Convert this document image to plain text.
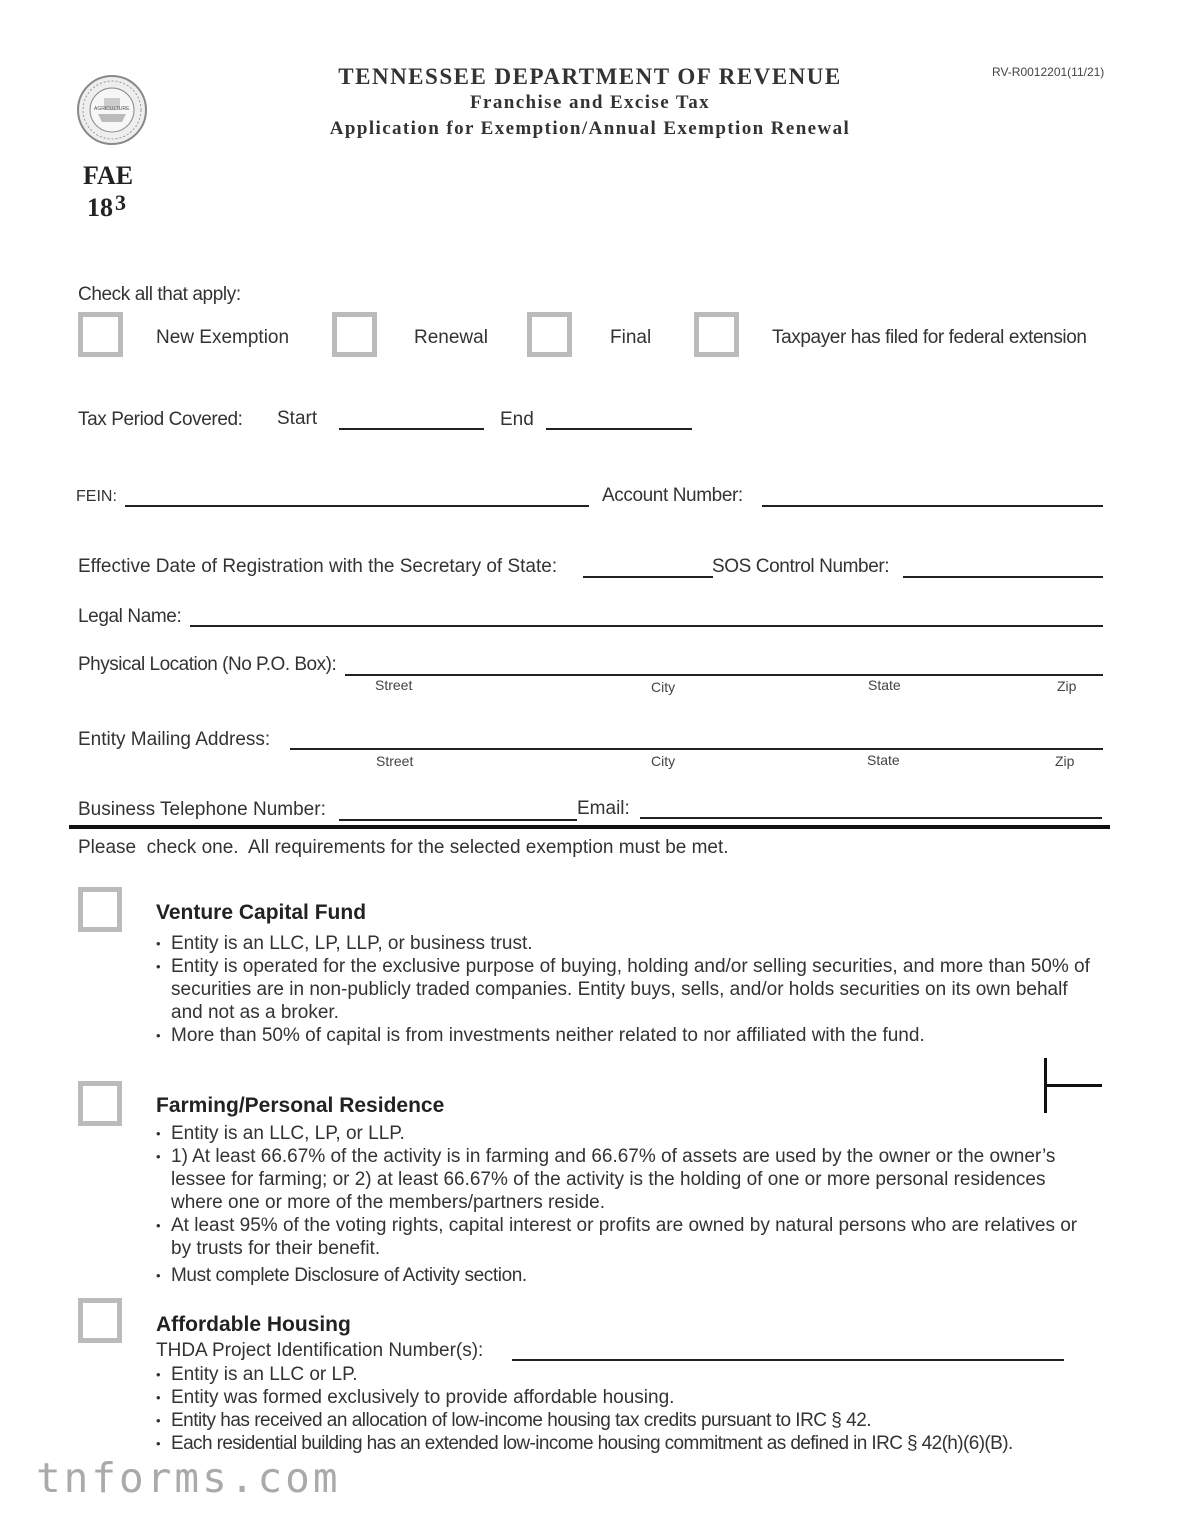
AGRICULTURE
TENNESSEE DEPARTMENT OF REVENUE
Franchise and Excise Tax
Application for Exemption/Annual Exemption Renewal
RV-R0012201(11/21)
FAE
$18^3$
Check all that apply:
New Exemption	Renewal	Final	Taxpayer has filed for federal extension
Tax Period Covered: Start	End
FEIN:	Account Number:
Effective Date of Registration with the Secretary of State:	SOS Control Number:
Legal Name:
Physical Location (No P.O. Box):
Street	City	State	Zip
Entity Mailing Address:
Street	City	State	Zip
Business Telephone Number:	Email:
Please  check one.  All requirements for the selected exemption must be met.
Venture Capital Fund
• Entity is an LLC, LP, LLP, or business trust.
• Entity is operated for the exclusive purpose of buying, holding and/or selling securities, and more than 50% of securities are in non-publicly traded companies. Entity buys, sells, and/or holds securities on its own behalf and not as a broker.
• More than 50% of capital is from investments neither related to nor affiliated with the fund.
Farming/Personal Residence
• Entity is an LLC, LP, or LLP.
• 1) At least 66.67% of the activity is in farming and 66.67% of assets are used by the owner or the owner’s lessee for farming; or 2) at least 66.67% of the activity is the holding of one or more personal residences where one or more of the members/partners reside.
• At least 95% of the voting rights, capital interest or profits are owned by natural persons who are relatives or by trusts for their benefit.
• Must complete Disclosure of Activity section.
Affordable Housing
THDA Project Identification Number(s):
• Entity is an LLC or LP.
• Entity was formed exclusively to provide affordable housing.
• Entity has received an allocation of low-income housing tax credits pursuant to IRC § 42.
• Each residential building has an extended low-income housing commitment as defined in IRC § 42(h)(6)(B).
tnforms.com
